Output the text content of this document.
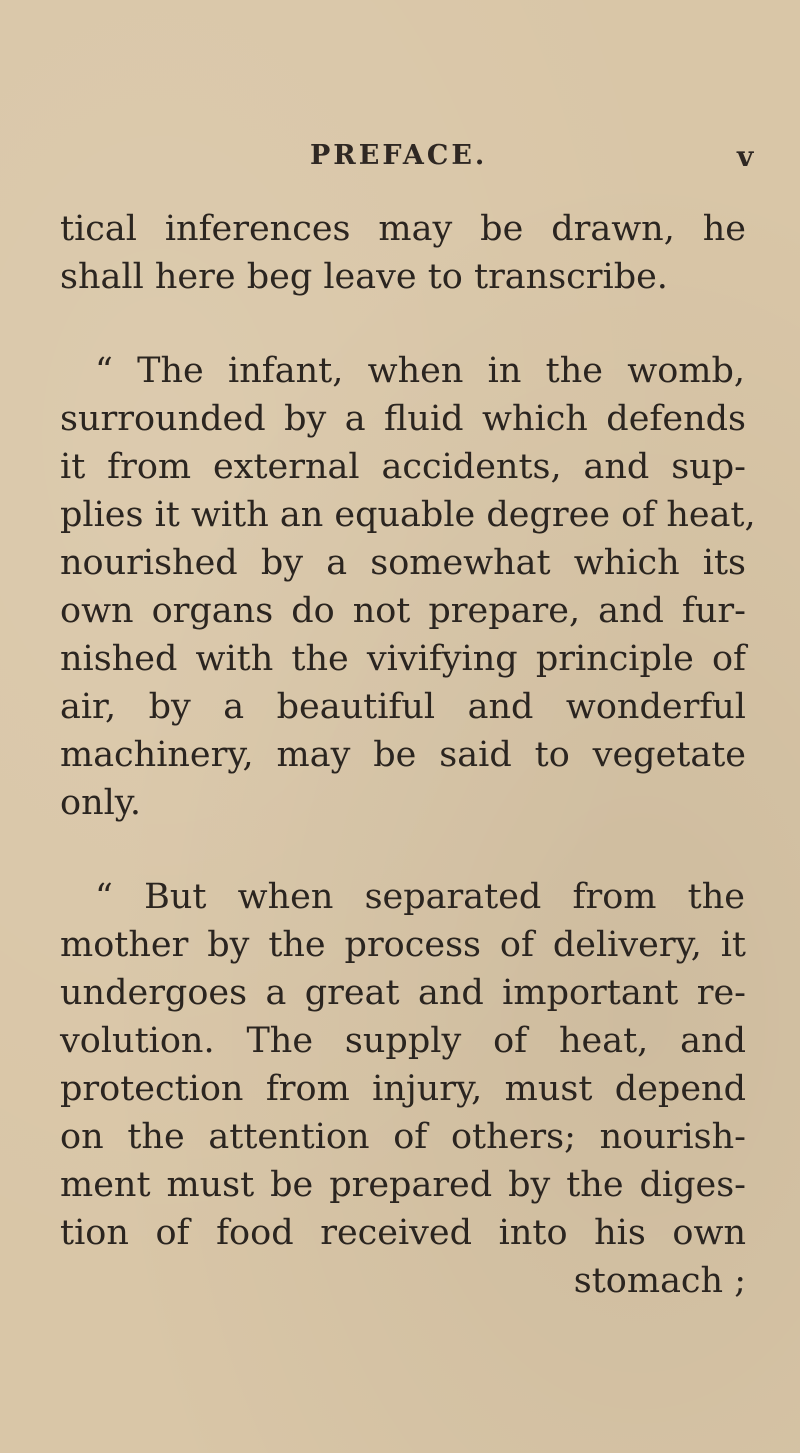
PREFACE.	v
tical inferences may be drawn, he
shall here beg leave to transcribe.
“ The infant, when in the womb,
surrounded by a fluid which defends
it from external accidents, and sup-
plies it with an equable degree of heat,
nourished by a somewhat which its
own organs do not prepare, and fur-
nished with the vivifying principle of
air, by a beautiful and wonderful
machinery, may be said to vegetate
only.
“ But when separated from the
mother by the process of delivery, it
undergoes a great and important re-
volution. The supply of heat, and
protection from injury, must depend
on the attention of others; nourish-
ment must be prepared by the diges-
tion of food received into his own
stomach ;
